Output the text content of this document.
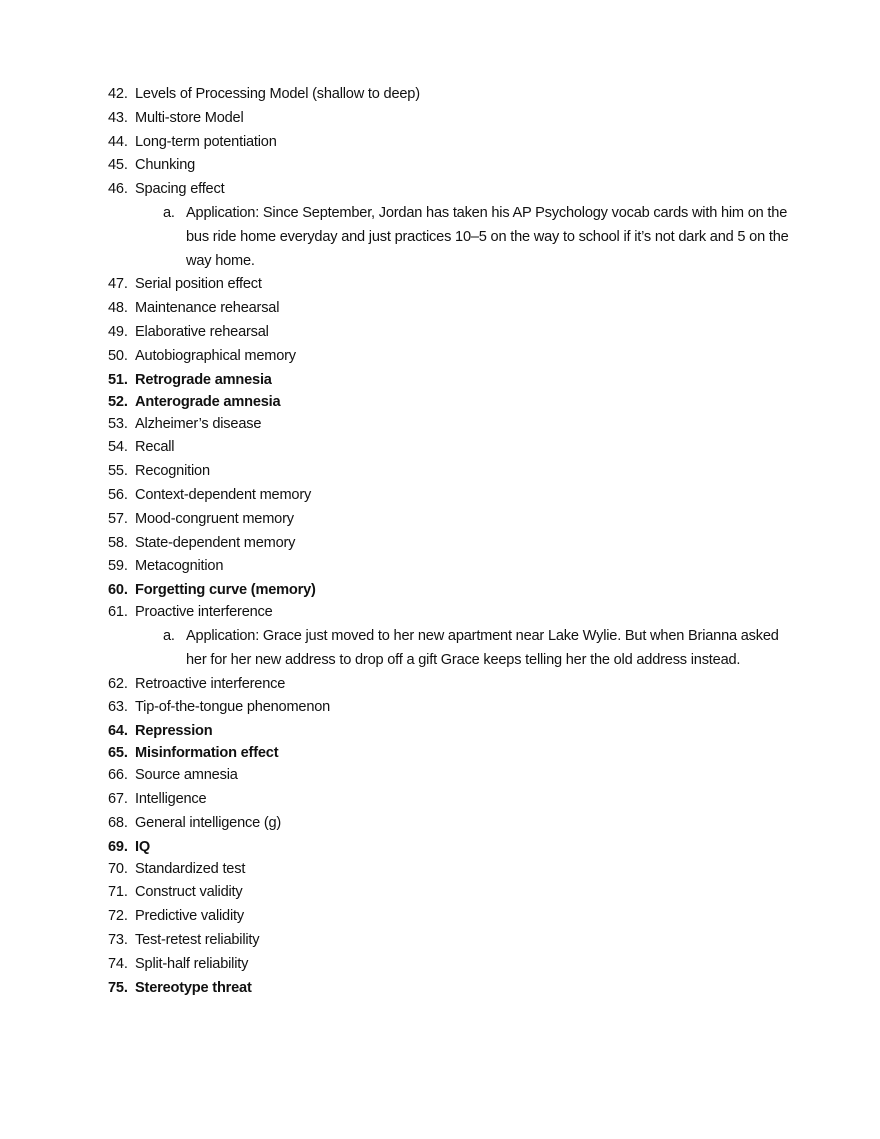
42. Levels of Processing Model (shallow to deep)
43. Multi-store Model
44. Long-term potentiation
45. Chunking
46. Spacing effect
a. Application: Since September, Jordan has taken his AP Psychology vocab cards with him on the bus ride home everyday and just practices 10–5 on the way to school if it’s not dark and 5 on the way home.
47. Serial position effect
48. Maintenance rehearsal
49. Elaborative rehearsal
50. Autobiographical memory
51. Retrograde amnesia
52. Anterograde amnesia
53. Alzheimer’s disease
54. Recall
55. Recognition
56. Context-dependent memory
57. Mood-congruent memory
58. State-dependent memory
59. Metacognition
60. Forgetting curve (memory)
61. Proactive interference
a. Application: Grace just moved to her new apartment near Lake Wylie. But when Brianna asked her for her new address to drop off a gift Grace keeps telling her the old address instead.
62. Retroactive interference
63. Tip-of-the-tongue phenomenon
64. Repression
65. Misinformation effect
66. Source amnesia
67. Intelligence
68. General intelligence (g)
69. IQ
70. Standardized test
71. Construct validity
72. Predictive validity
73. Test-retest reliability
74. Split-half reliability
75. Stereotype threat
